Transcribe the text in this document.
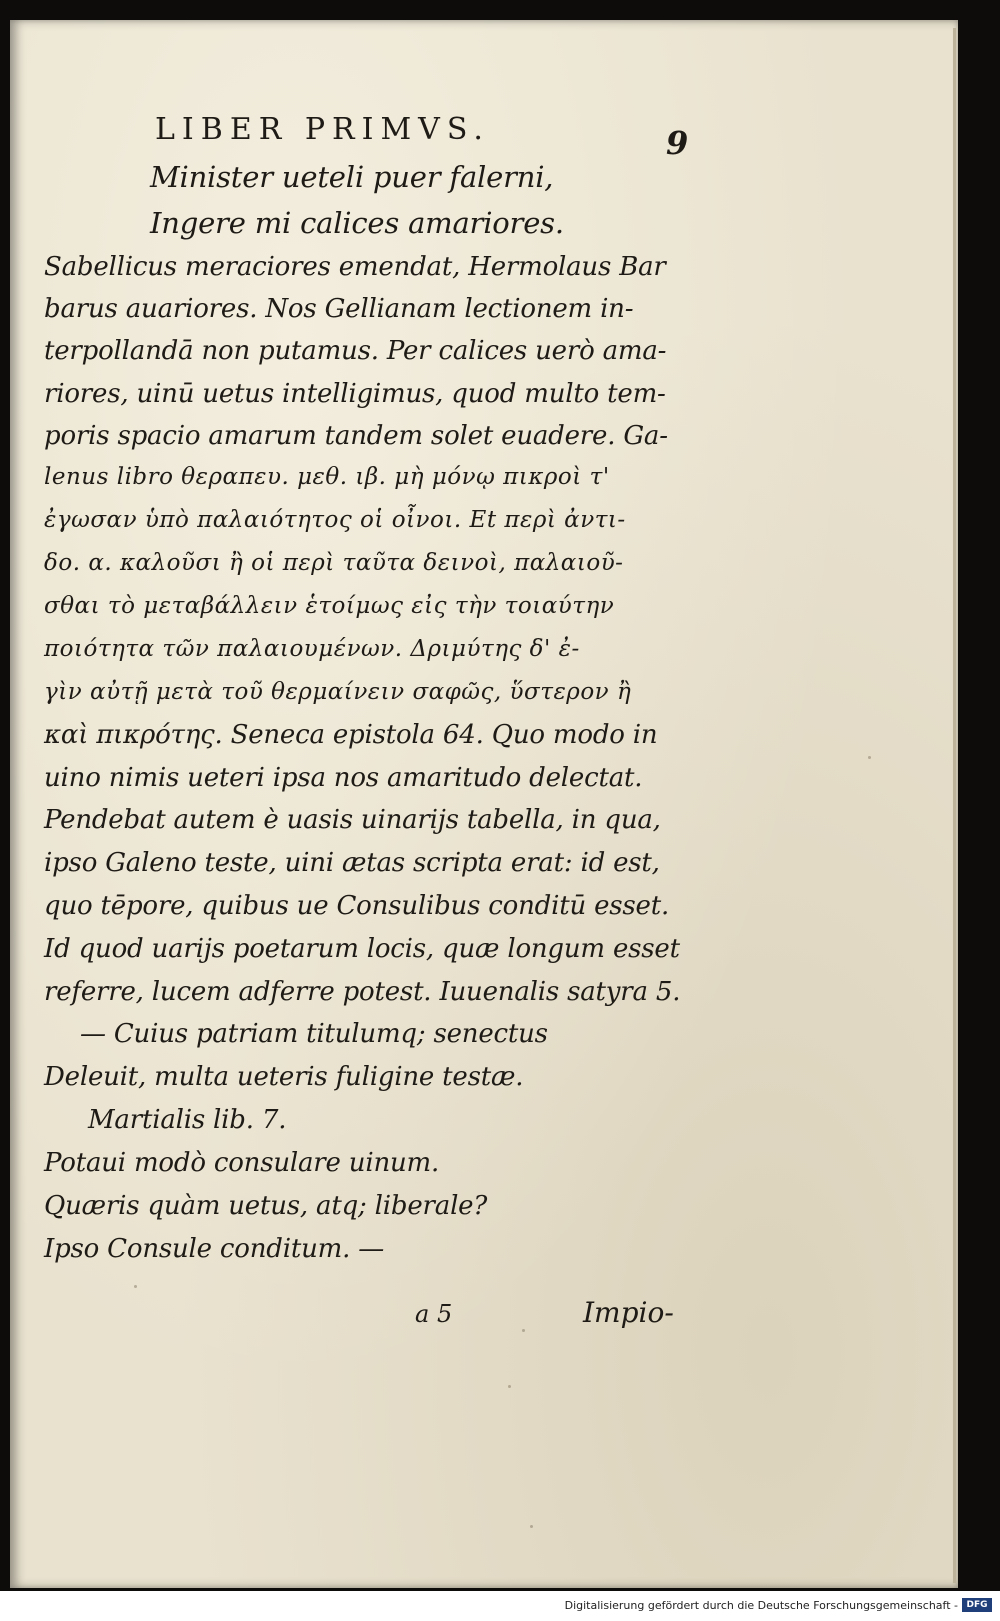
LIBER PRIMVS.	9
Minister ueteli puer falerni,
Ingere mi calices amariores.
Sabellicus meraciores emendat, Hermolaus Bar
barus auariores. Nos Gellianam lectionem in-
terpollandā non putamus. Per calices uerò ama-
riores, uinū uetus intelligimus, quod multo tem-
poris spacio amarum tandem solet euadere. Ga-
lenus libro θεραπευ. μεθ. ιβ. μὴ μόνῳ πικροὶ τ'
ἐγωσαν ὑπὸ παλαιότητος οἱ οἶνοι. Et περὶ ἀντι-
δο. α. καλοῦσι ἢ οἱ περὶ ταῦτα δεινοὶ, παλαιοῦ-
σθαι τὸ μεταβάλλειν ἑτοίμως εἰς τὴν τοιαύτην
ποιότητα τῶν παλαιουμένων. Δριμύτης δ' ἐ-
γὶν αὐτῇ μετὰ τοῦ θερμαίνειν σαφῶς, ὕστερον ἢ
καὶ πικρότης. Seneca epistola 64. Quo modo in
uino nimis ueteri ipsa nos amaritudo delectat.
Pendebat autem è uasis uinarijs tabella, in qua,
ipso Galeno teste, uini ætas scripta erat: id est,
quo tēpore, quibus ue Consulibus conditū esset.
Id quod uarijs poetarum locis, quæ longum esset
referre, lucem adferre potest. Iuuenalis satyra 5.
— Cuius patriam titulumq; senectus
Deleuit, multa ueteris fuligine testæ.
Martialis lib. 7.
Potaui modò consulare uinum.
Quæris quàm uetus, atq; liberale?
Ipso Consule conditum. —
a 5	Impio-
Digitalisierung gefördert durch die Deutsche Forschungsgemeinschaft - DFG
